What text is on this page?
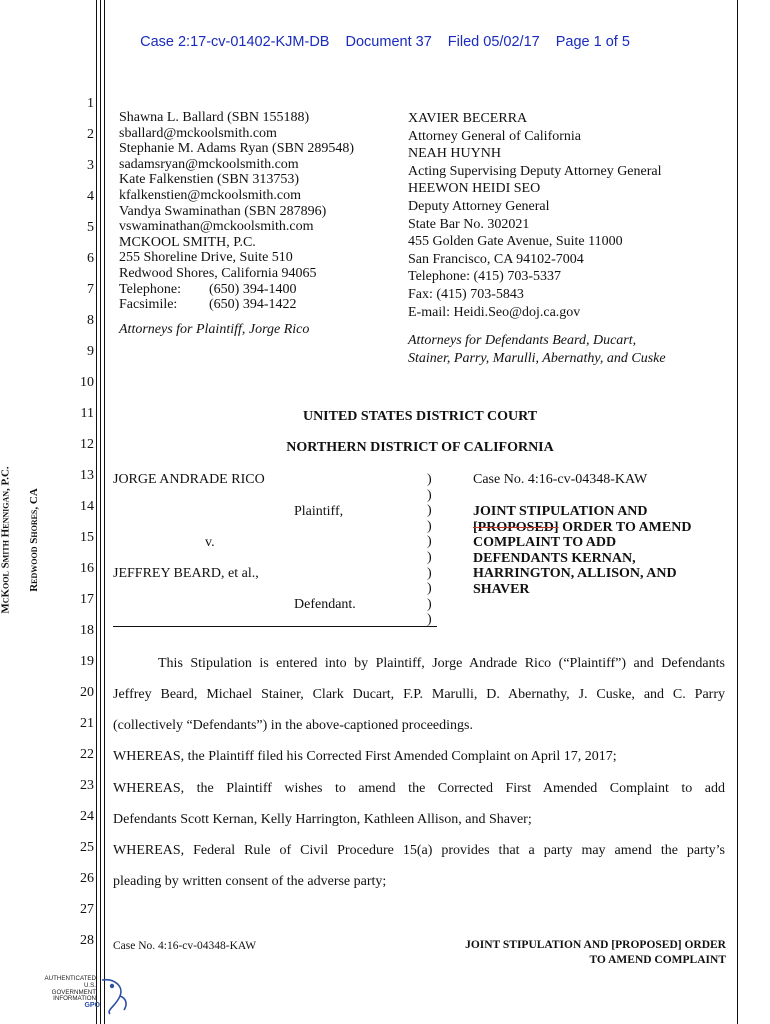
Case 2:17-cv-01402-KJM-DB Document 37 Filed 05/02/17 Page 1 of 5
1
2
3
4
5
6
7
8
9
10
11
12
13
14
15
16
17
18
19
20
21
22
23
24
25
26
27
28
McKool Smith Hennigan, P.C. Redwood Shores, CA
Shawna L. Ballard (SBN 155188)
sballard@mckoolsmith.com
Stephanie M. Adams Ryan (SBN 289548)
sadamsryan@mckoolsmith.com
Kate Falkenstien (SBN 313753)
kfalkenstien@mckoolsmith.com
Vandya Swaminathan (SBN 287896)
vswaminathan@mckoolsmith.com
MCKOOL SMITH, P.C.
255 Shoreline Drive, Suite 510
Redwood Shores, California 94065
Telephone: (650) 394-1400
Facsimile: (650) 394-1422
Attorneys for Plaintiff, Jorge Rico
XAVIER BECERRA
Attorney General of California
NEAH HUYNH
Acting Supervising Deputy Attorney General
HEEWON HEIDI SEO
Deputy Attorney General
State Bar No. 302021
455 Golden Gate Avenue, Suite 11000
San Francisco, CA 94102-7004
Telephone: (415) 703-5337
Fax: (415) 703-5843
E-mail: Heidi.Seo@doj.ca.gov
Attorneys for Defendants Beard, Ducart,
Stainer, Parry, Marulli, Abernathy, and Cuske
UNITED STATES DISTRICT COURT
NORTHERN DISTRICT OF CALIFORNIA
JORGE ANDRADE RICO
Plaintiff,
v.
JEFFREY BEARD, et al.,
Defendant.
)
)
)
)
)
)
)
)
)
)
Case No. 4:16-cv-04348-KAW
JOINT STIPULATION AND
[PROPOSED] ORDER TO AMEND
COMPLAINT TO ADD
DEFENDANTS KERNAN,
HARRINGTON, ALLISON, AND
SHAVER
This Stipulation is entered into by Plaintiff, Jorge Andrade Rico (“Plaintiff”) and Defendants
Jeffrey Beard, Michael Stainer, Clark Ducart, F.P. Marulli, D. Abernathy, J. Cuske, and C. Parry
(collectively “Defendants”) in the above-captioned proceedings.
WHEREAS, the Plaintiff filed his Corrected First Amended Complaint on April 17, 2017;
WHEREAS, the Plaintiff wishes to amend the Corrected First Amended Complaint to add
Defendants Scott Kernan, Kelly Harrington, Kathleen Allison, and Shaver;
WHEREAS, Federal Rule of Civil Procedure 15(a) provides that a party may amend the party’s
pleading by written consent of the adverse party;
Case No. 4:16-cv-04348-KAW	JOINT STIPULATION AND [PROPOSED] ORDER
TO AMEND COMPLAINT
AUTHENTICATED
U.S. GOVERNMENT
INFORMATION
GPO
